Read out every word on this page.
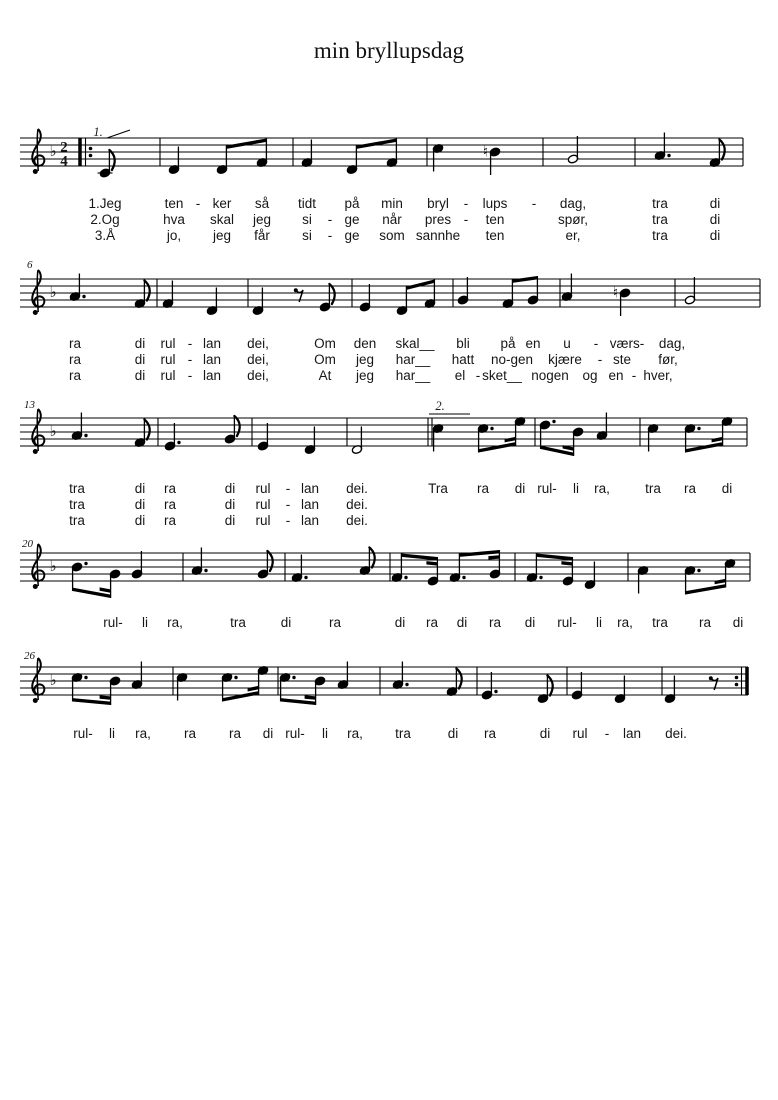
min bryllupsdag
♭ 2
4
1.
♮
1.Jeg	ten - ker så tidt på min bryl - lups - dag,	tra	di
2.Og	hva skal jeg si - ge når pres - ten	spør,	tra	di
3.Å	jo, jeg får si - ge som sannhe ten	er,	tra	di
♭
6
♮
ra	di rul - lan dei,	Om den skal__ bli på en u - værs- dag,
ra	di rul - lan dei,	Om jeg har__ hatt no-gen kjære - ste før,
ra	di rul - lan dei,	At jeg har__ el - sket__ nogen og en - hver,
♭
2.
13
tra	di ra	di rul - lan dei.	Tra ra di rul- li ra,	tra ra di
tra	di ra	di rul - lan dei.
tra	di ra	di rul - lan dei.
♭
20
rul- li ra,	tra	di	ra	di ra di ra di rul- li ra, tra ra di
♭
26
rul- li ra, ra ra di rul- li ra, tra	di ra	di rul - lan dei.
